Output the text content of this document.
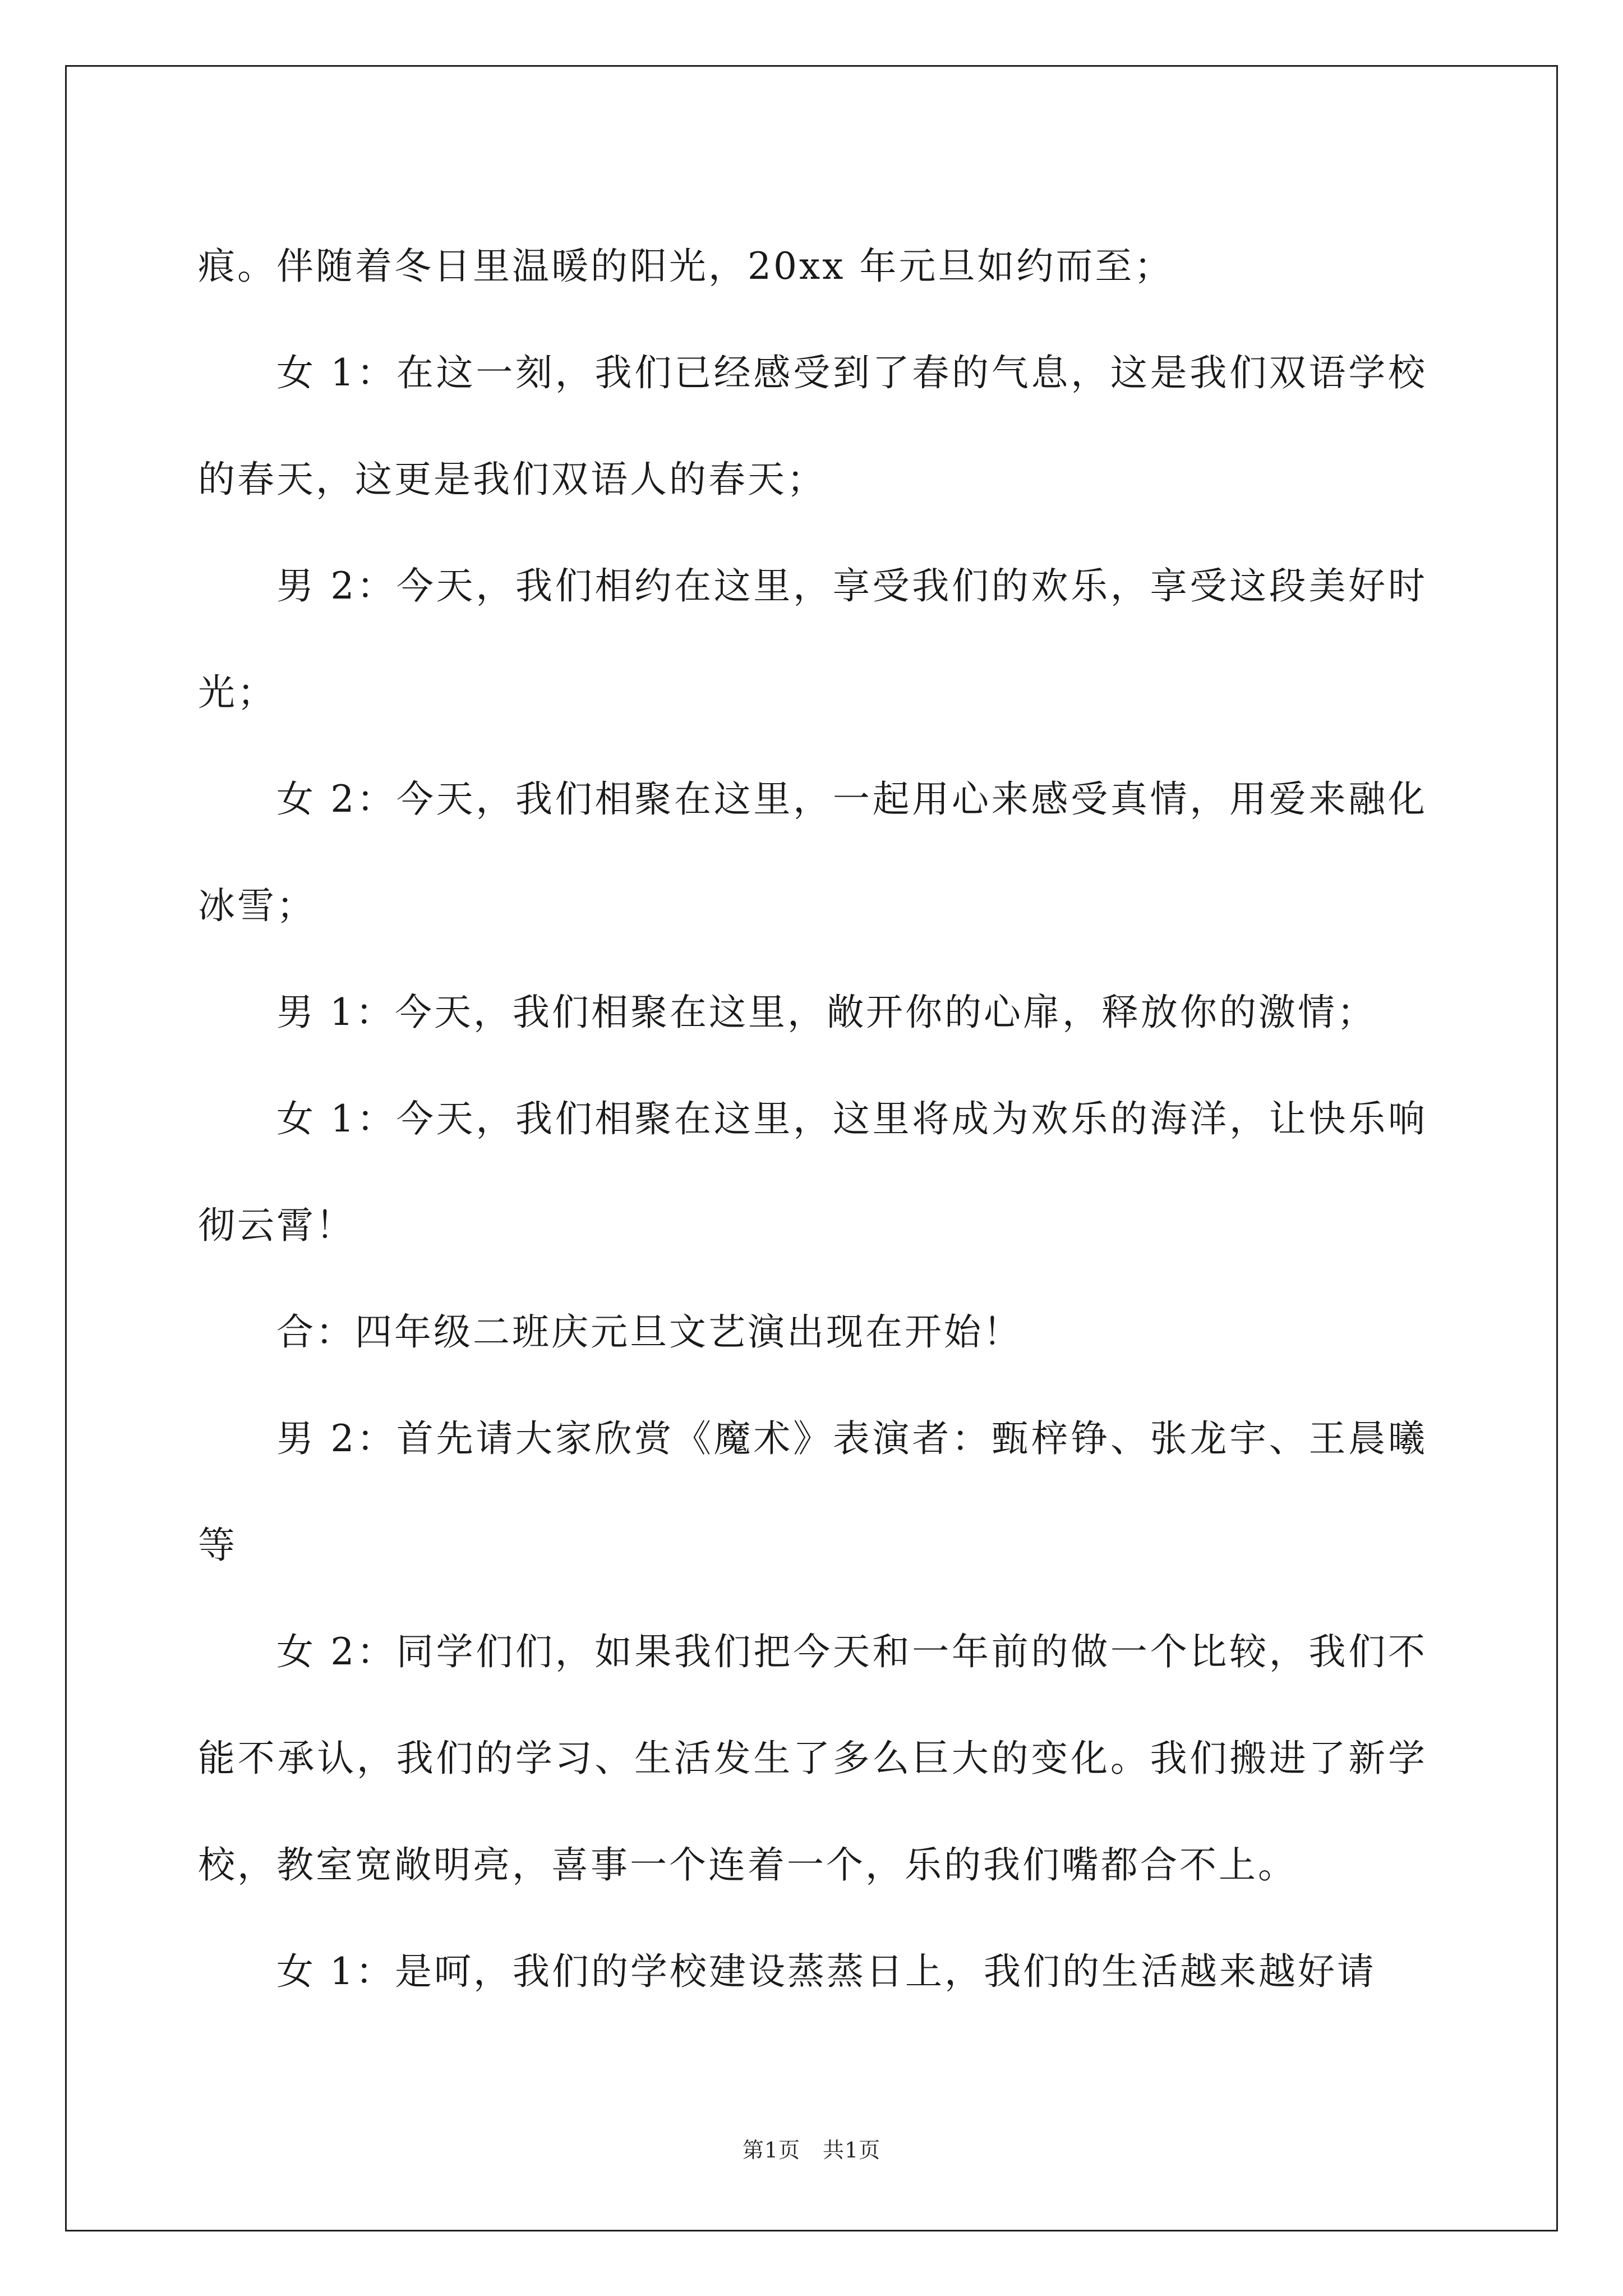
痕。伴随着冬日里温暖的阳光，20xx 年元旦如约而至；

女 1：在这一刻，我们已经感受到了春的气息，这是我们双语学校的春天，这更是我们双语人的春天；

男 2：今天，我们相约在这里，享受我们的欢乐，享受这段美好时光；

女 2：今天，我们相聚在这里，一起用心来感受真情，用爱来融化冰雪；

男 1：今天，我们相聚在这里，敞开你的心扉，释放你的激情；

女 1：今天，我们相聚在这里，这里将成为欢乐的海洋，让快乐响彻云霄！

合：四年级二班庆元旦文艺演出现在开始！

男 2：首先请大家欣赏《魔术》表演者：甄梓铮、张龙宇、王晨曦等

女 2：同学们们，如果我们把今天和一年前的做一个比较，我们不能不承认，我们的学习、生活发生了多么巨大的变化。我们搬进了新学校，教室宽敞明亮，喜事一个连着一个，乐的我们嘴都合不上。

女 1：是呵，我们的学校建设蒸蒸日上，我们的生活越来越好请

第1页 共1页
